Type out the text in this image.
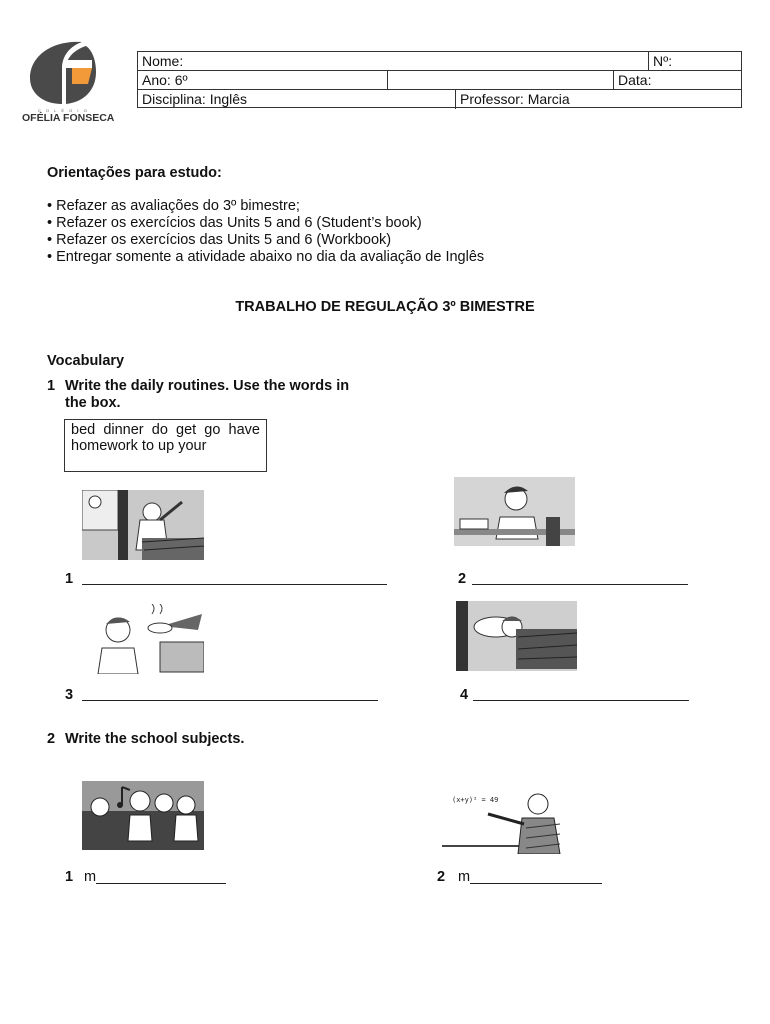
C O L É G I O
OFÉLIA FONSECA
Nome:	Nº:
Ano: 6º	Data:
Disciplina: Inglês	Professor: Marcia
Orientações para estudo:
• Refazer as avaliações do 3º bimestre;
• Refazer os exercícios das Units 5 and 6 (Student’s book)
• Refazer os exercícios das Units 5 and 6 (Workbook)
• Entregar somente a atividade abaixo no dia da avaliação de Inglês
TRABALHO DE REGULAÇÃO 3º BIMESTRE
Vocabulary
1 Write the daily routines. Use the words in
the box.
bed dinner do get go have homework to up your
1	2
3	4
2 Write the school subjects.
(x+y)² = 49
1 m	2 m
